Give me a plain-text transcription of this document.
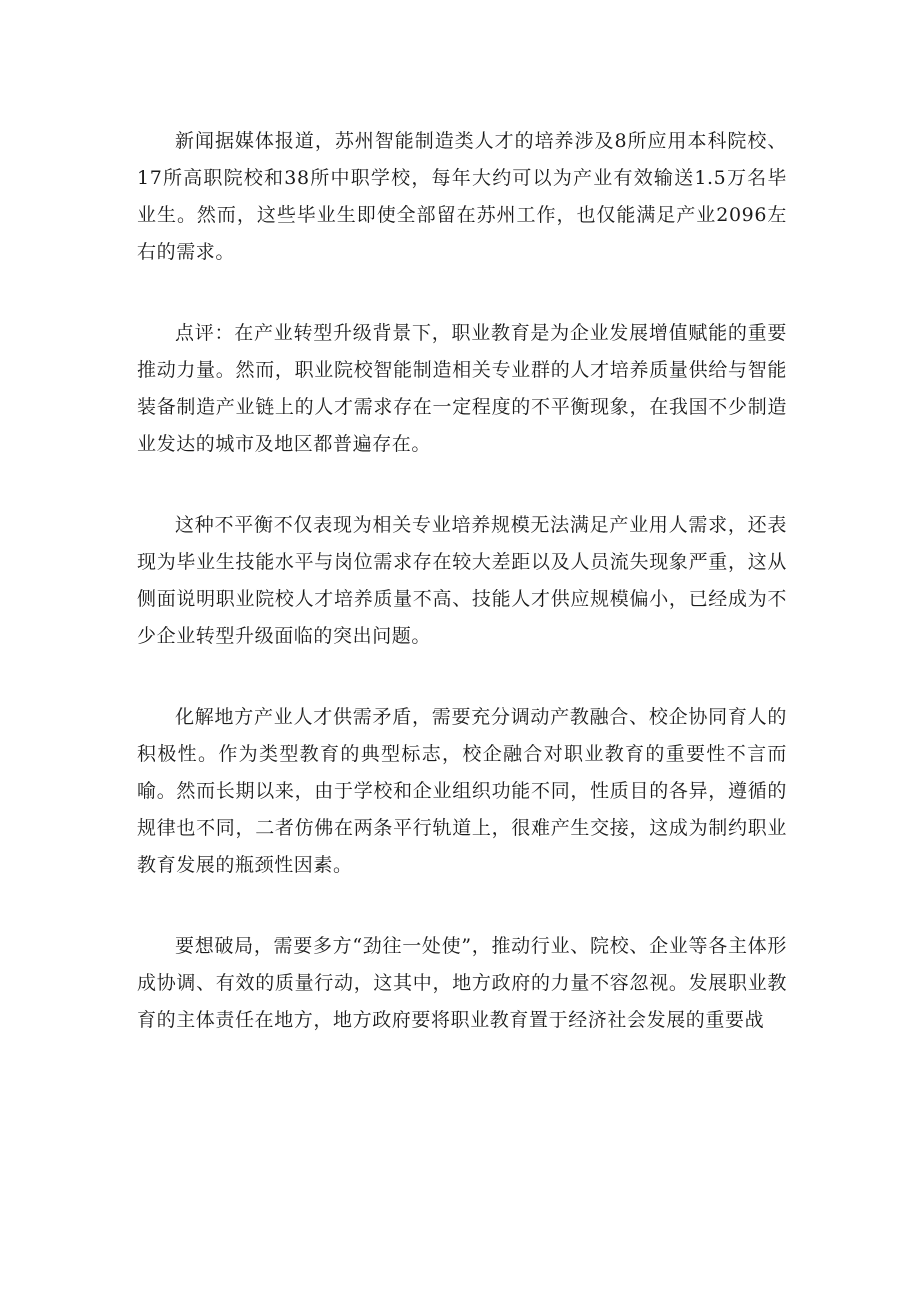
新闻据媒体报道，苏州智能制造类人才的培养涉及8所应用本科院校、17所高职院校和38所中职学校，每年大约可以为产业有效输送1.5万名毕业生。然而，这些毕业生即使全部留在苏州工作，也仅能满足产业2096左右的需求。

点评：在产业转型升级背景下，职业教育是为企业发展增值赋能的重要推动力量。然而，职业院校智能制造相关专业群的人才培养质量供给与智能装备制造产业链上的人才需求存在一定程度的不平衡现象，在我国不少制造业发达的城市及地区都普遍存在。

这种不平衡不仅表现为相关专业培养规模无法满足产业用人需求，还表现为毕业生技能水平与岗位需求存在较大差距以及人员流失现象严重，这从侧面说明职业院校人才培养质量不高、技能人才供应规模偏小，已经成为不少企业转型升级面临的突出问题。

化解地方产业人才供需矛盾，需要充分调动产教融合、校企协同育人的积极性。作为类型教育的典型标志，校企融合对职业教育的重要性不言而喻。然而长期以来，由于学校和企业组织功能不同，性质目的各异，遵循的规律也不同，二者仿佛在两条平行轨道上，很难产生交接，这成为制约职业教育发展的瓶颈性因素。

要想破局，需要多方“劲往一处使”，推动行业、院校、企业等各主体形成协调、有效的质量行动，这其中，地方政府的力量不容忽视。发展职业教育的主体责任在地方，地方政府要将职业教育置于经济社会发展的重要战
